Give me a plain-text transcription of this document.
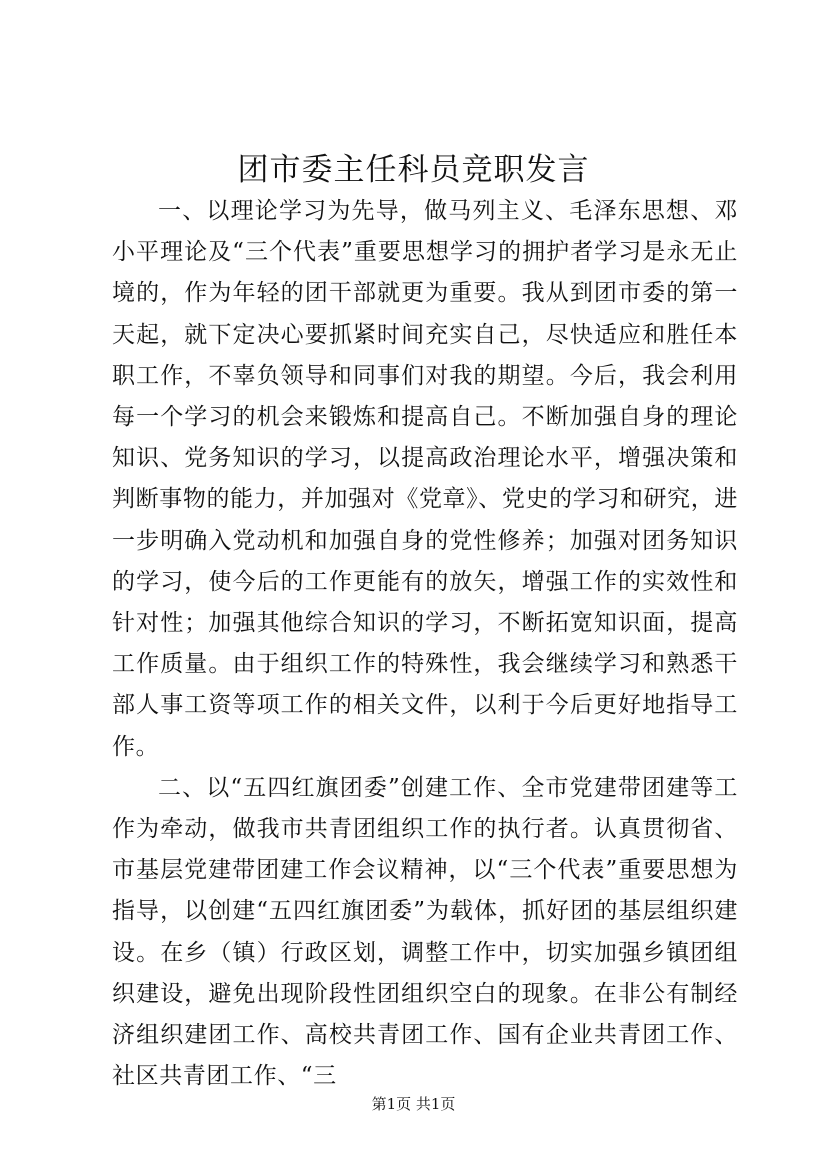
团市委主任科员竞职发言

一、以理论学习为先导，做马列主义、毛泽东思想、邓小平理论及“三个代表”重要思想学习的拥护者学习是永无止境的，作为年轻的团干部就更为重要。我从到团市委的第一天起，就下定决心要抓紧时间充实自己，尽快适应和胜任本职工作，不辜负领导和同事们对我的期望。今后，我会利用每一个学习的机会来锻炼和提高自己。不断加强自身的理论知识、党务知识的学习，以提高政治理论水平，增强决策和判断事物的能力，并加强对《党章》、党史的学习和研究，进一步明确入党动机和加强自身的党性修养；加强对团务知识的学习，使今后的工作更能有的放矢，增强工作的实效性和针对性；加强其他综合知识的学习，不断拓宽知识面，提高工作质量。由于组织工作的特殊性，我会继续学习和熟悉干部人事工资等项工作的相关文件，以利于今后更好地指导工作。

二、以“五四红旗团委”创建工作、全市党建带团建等工作为牵动，做我市共青团组织工作的执行者。认真贯彻省、市基层党建带团建工作会议精神，以“三个代表”重要思想为指导，以创建“五四红旗团委”为载体，抓好团的基层组织建设。在乡（镇）行政区划，调整工作中，切实加强乡镇团组织建设，避免出现阶段性团组织空白的现象。在非公有制经济组织建团工作、高校共青团工作、国有企业共青团工作、社区共青团工作、“三

第1页 共1页
